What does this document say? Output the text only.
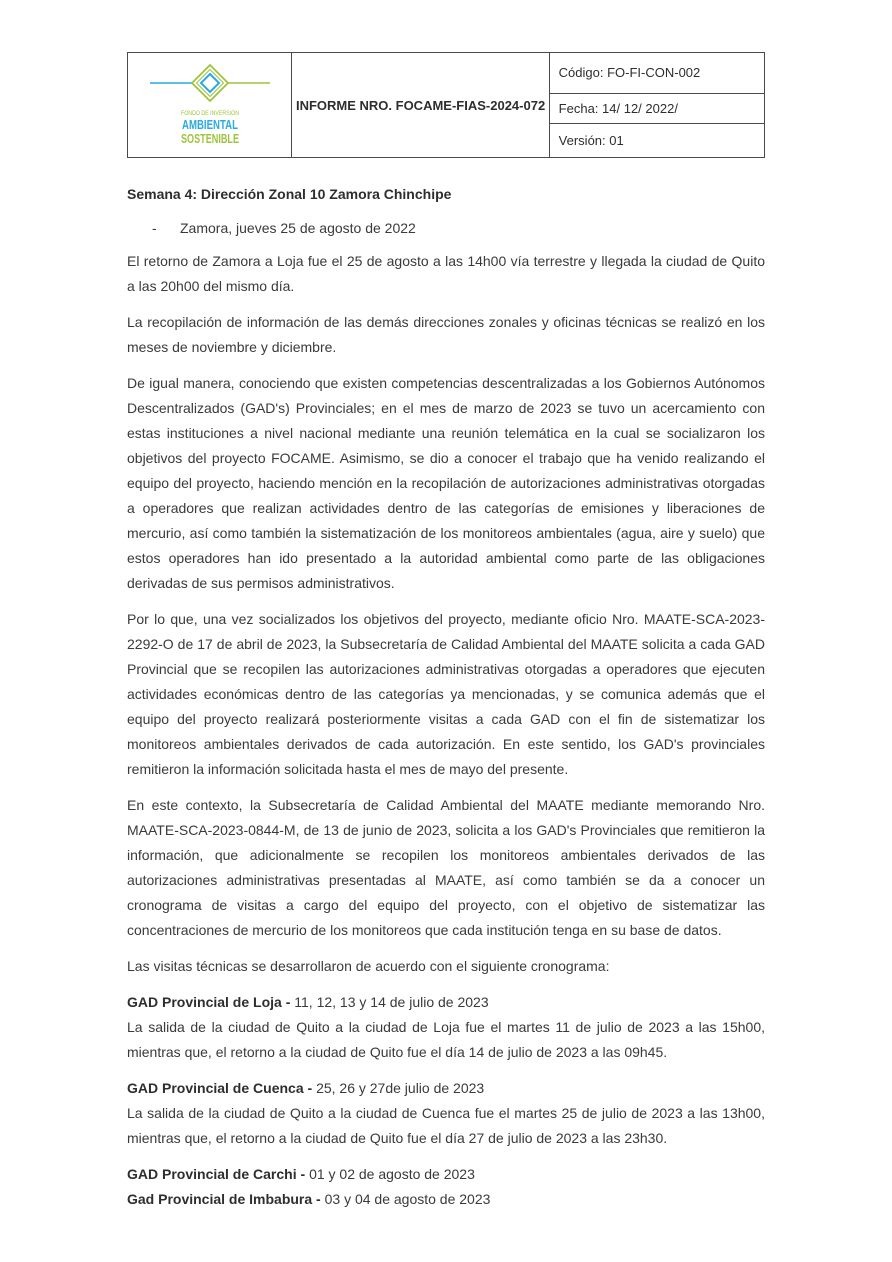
FONDO DE INVERSION
AMBIENTAL
SOSTENIBLE
INFORME NRO. FOCAME-FIAS-2024-072
Código: FO-FI-CON-002
Fecha: 14/ 12/ 2022/
Versión: 01
Semana 4: Dirección Zonal 10 Zamora Chinchipe
- Zamora, jueves 25 de agosto de 2022

El retorno de Zamora a Loja fue el 25 de agosto a las 14h00 vía terrestre y llegada la ciudad de Quito a las 20h00 del mismo día.

La recopilación de información de las demás direcciones zonales y oficinas técnicas se realizó en los meses de noviembre y diciembre.

De igual manera, conociendo que existen competencias descentralizadas a los Gobiernos Autónomos Descentralizados (GAD's) Provinciales; en el mes de marzo de 2023 se tuvo un acercamiento con estas instituciones a nivel nacional mediante una reunión telemática en la cual se socializaron los objetivos del proyecto FOCAME. Asimismo, se dio a conocer el trabajo que ha venido realizando el equipo del proyecto, haciendo mención en la recopilación de autorizaciones administrativas otorgadas a operadores que realizan actividades dentro de las categorías de emisiones y liberaciones de mercurio, así como también la sistematización de los monitoreos ambientales (agua, aire y suelo) que estos operadores han ido presentado a la autoridad ambiental como parte de las obligaciones derivadas de sus permisos administrativos.

Por lo que, una vez socializados los objetivos del proyecto, mediante oficio Nro. MAATE-SCA-2023-2292-O de 17 de abril de 2023, la Subsecretaría de Calidad Ambiental del MAATE solicita a cada GAD Provincial que se recopilen las autorizaciones administrativas otorgadas a operadores que ejecuten actividades económicas dentro de las categorías ya mencionadas, y se comunica además que el equipo del proyecto realizará posteriormente visitas a cada GAD con el fin de sistematizar los monitoreos ambientales derivados de cada autorización. En este sentido, los GAD's provinciales remitieron la información solicitada hasta el mes de mayo del presente.

En este contexto, la Subsecretaría de Calidad Ambiental del MAATE mediante memorando Nro. MAATE-SCA-2023-0844-M, de 13 de junio de 2023, solicita a los GAD's Provinciales que remitieron la información, que adicionalmente se recopilen los monitoreos ambientales derivados de las autorizaciones administrativas presentadas al MAATE, así como también se da a conocer un cronograma de visitas a cargo del equipo del proyecto, con el objetivo de sistematizar las concentraciones de mercurio de los monitoreos que cada institución tenga en su base de datos.

Las visitas técnicas se desarrollaron de acuerdo con el siguiente cronograma:

GAD Provincial de Loja - 11, 12, 13 y 14 de julio de 2023

La salida de la ciudad de Quito a la ciudad de Loja fue el martes 11 de julio de 2023 a las 15h00, mientras que, el retorno a la ciudad de Quito fue el día 14 de julio de 2023 a las 09h45.

GAD Provincial de Cuenca - 25, 26 y 27de julio de 2023

La salida de la ciudad de Quito a la ciudad de Cuenca fue el martes 25 de julio de 2023 a las 13h00, mientras que, el retorno a la ciudad de Quito fue el día 27 de julio de 2023 a las 23h30.

GAD Provincial de Carchi - 01 y 02 de agosto de 2023

Gad Provincial de Imbabura - 03 y 04 de agosto de 2023
